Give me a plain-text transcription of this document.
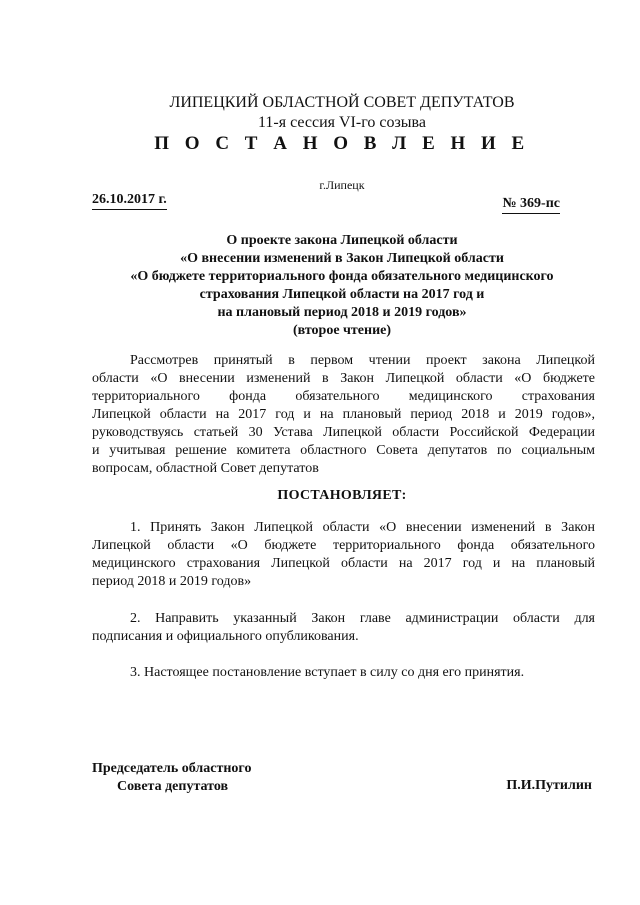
ЛИПЕЦКИЙ ОБЛАСТНОЙ СОВЕТ ДЕПУТАТОВ
11-я сессия VI-го созыва
П О С Т А Н О В Л Е Н И Е
г.Липецк
26.10.2017 г.	№ 369-пс
О проекте закона Липецкой области
«О внесении изменений в Закон Липецкой области
«О бюджете территориального фонда обязательного медицинского
страхования Липецкой области на 2017 год и
на плановый период 2018 и 2019 годов»
(второе чтение)
Рассмотрев принятый в первом чтении проект закона Липецкой
области «О внесении изменений в Закон Липецкой области «О бюджете
территориального фонда обязательного медицинского страхования
Липецкой области на 2017 год и на плановый период 2018 и 2019 годов»,
руководствуясь статьей 30 Устава Липецкой области Российской Федерации
и учитывая решение комитета областного Совета депутатов по социальным
вопросам, областной Совет депутатов
ПОСТАНОВЛЯЕТ:
1. Принять Закон Липецкой области «О внесении изменений в Закон
Липецкой области «О бюджете территориального фонда обязательного
медицинского страхования Липецкой области на 2017 год и на плановый
период 2018 и 2019 годов»
2. Направить указанный Закон главе администрации области для
подписания и официального опубликования.
3. Настоящее постановление вступает в силу со дня его принятия.
Председатель областного
Совета депутатов	П.И.Путилин
